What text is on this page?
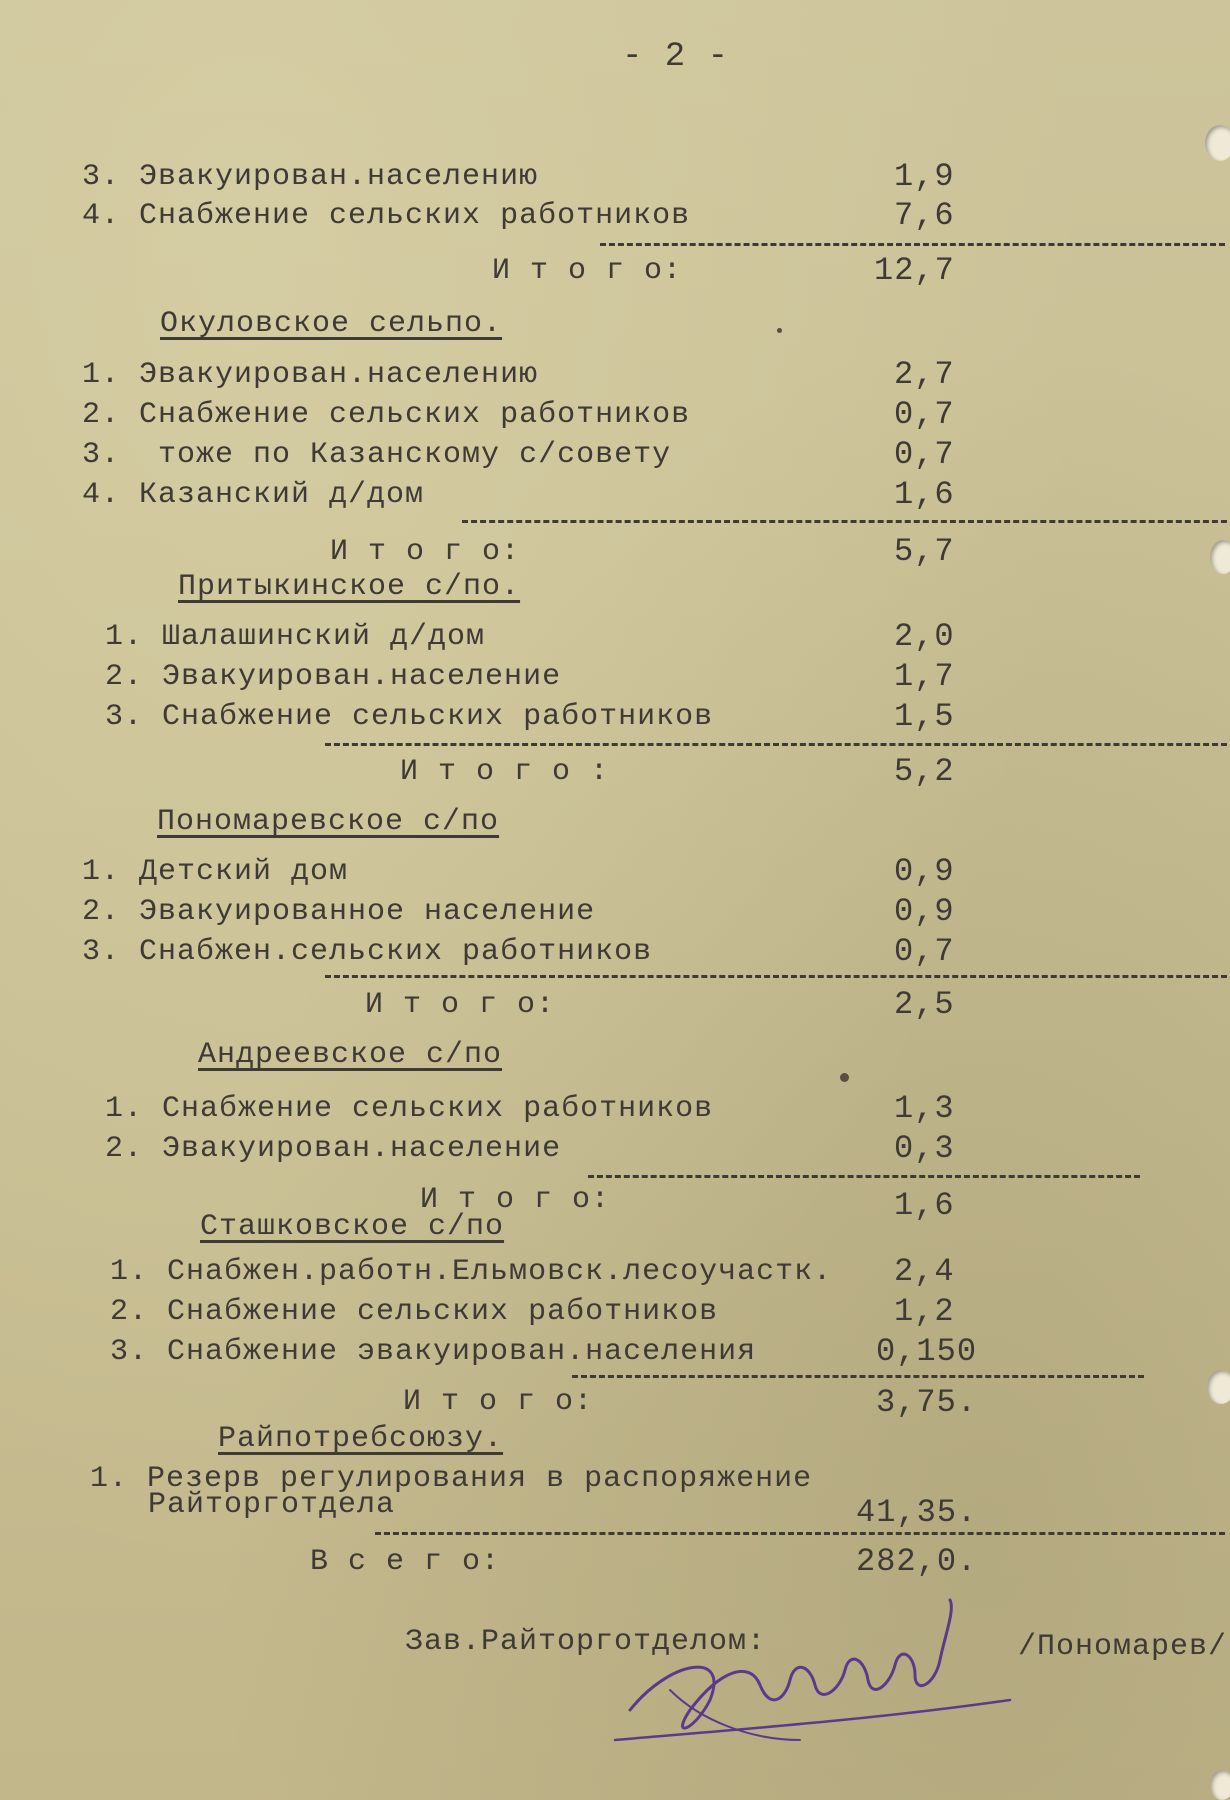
- 2 -
3. Эвакуирован.населению	1,9
4. Снабжение сельских работников	7,6
И т о г о:	12,7
Окуловское сельпо.
1. Эвакуирован.населению	2,7
2. Снабжение сельских работников	0,7
3.  тоже по Казанскому с/совету	0,7
4. Казанский д/дом	1,6
И т о г о:	5,7
Притыкинское с/по.
1. Шалашинский д/дом	2,0
2. Эвакуирован.население	1,7
3. Снабжение сельских работников	1,5
И т о г о :	5,2
Пономаревское с/по
1. Детский дом	0,9
2. Эвакуированное население	0,9
3. Снабжен.сельских работников	0,7
И т о г о:	2,5
Андреевское с/по
1. Снабжение сельских работников	1,3
2. Эвакуирован.население	0,3
И т о г о:	1,6
Сташковское с/по
1. Снабжен.работн.Ельмовск.лесоучастк. 2,4
2. Снабжение сельских работников	1,2
3. Снабжение эвакуирован.населения	0,150
И т о г о:	3,75.
Райпотребсоюзу.
1. Резерв регулирования в распоряжение
Райторготдела	41,35.
В с е г о:	282,0.
Зав.Райторготделом:	/Пономарев/
